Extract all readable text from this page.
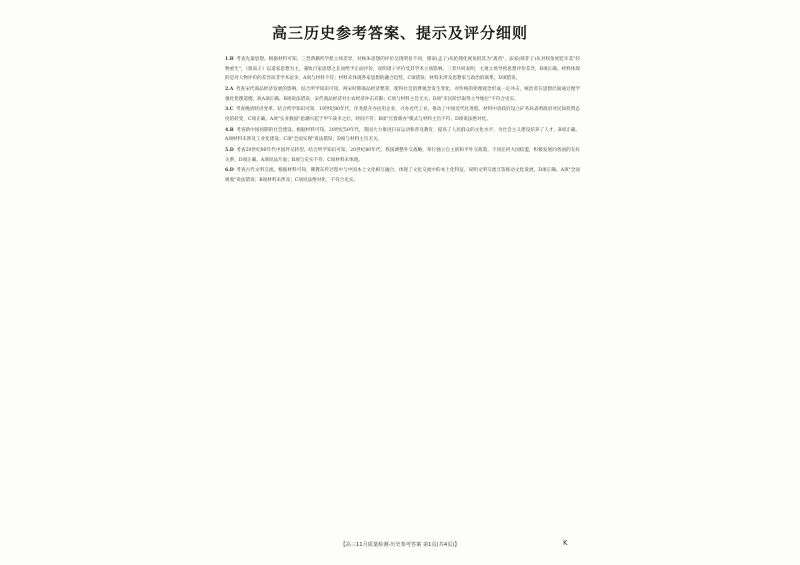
高三历史参考答案、提示及评分细则

1.B 考查先秦思想。根据材料可知，三晋典籍所学派立场差异，对杨朱思想的评价呈现明显不同，儒家(孟子)从伦理化视角批其为"禽兽"，法家(韩非子)从君权角度贬斥其"轻物重生"，《淮南子》以道家思想为主，兼收百家思想之长而给予正面评价，说明诸子评价受其学术立场影响。三者共同表明，主观立场导致思想评价差异，B项正确。材料体现的是对人物评价的差异而非学术论争，A项与材料不符；材料未体现各家思想的融合趋势，C项错误；材料未涉及思想家与政治的联系，D项错误。

2.A 考查宋代商品经济发展的影响。结合所学知识可知，两宋时期商品经济繁荣，使得社会消费观念发生变化，对传统的伦理观念形成一定冲击，统治者在思想层面通过理学强化伦理道德，故A项正确。B项说法错误，宋代商品经济对小农经济冲击有限；C项与材料主旨无关；D项"市民阶层取得主导地位"不符合史实。

3.C 考查晚清经济变革。结合所学知识可知，19世纪80年代，洋务派开办民用企业，兴办近代工业，推动了中国近代化进程。材料中清政府设立矿务局表明政府对民间投资态度的转变，C项正确。A项"实业救国"思潮兴起于甲午战争之后，时间不符；B项"官督商办"模式与材料主旨不符；D项说法绝对化。

4.B 考查新中国初期的社会建设。根据材料可知，20世纪50年代，我国大力推进扫盲运动和普及教育，提高了人民群众的文化水平，为社会主义建设培养了人才，B项正确。A项材料未涉及工业化建设；C项"全面实现"说法错误；D项与材料主旨无关。

5.D 考查20世纪80年代中国外交转型。结合所学知识可知，20世纪80年代，我国调整外交战略，奉行独立自主的和平外交政策，不同任何大国结盟，积极发展同各国的友好关系，D项正确。A项说法片面；B项与史实不符；C项材料未体现。

6.D 考查古代文明交流。根据材料可知，佛教东传过程中与中国本土文化相互融合，体现了文化交流中的本土化特征，说明文明交流互鉴推动文化发展，D项正确。A项"全面吸收"说法错误；B项材料未涉及；C项说法绝对化，不符合史实。

【高三11月质量检测·历史参考答案 第1页(共4页)】	K
